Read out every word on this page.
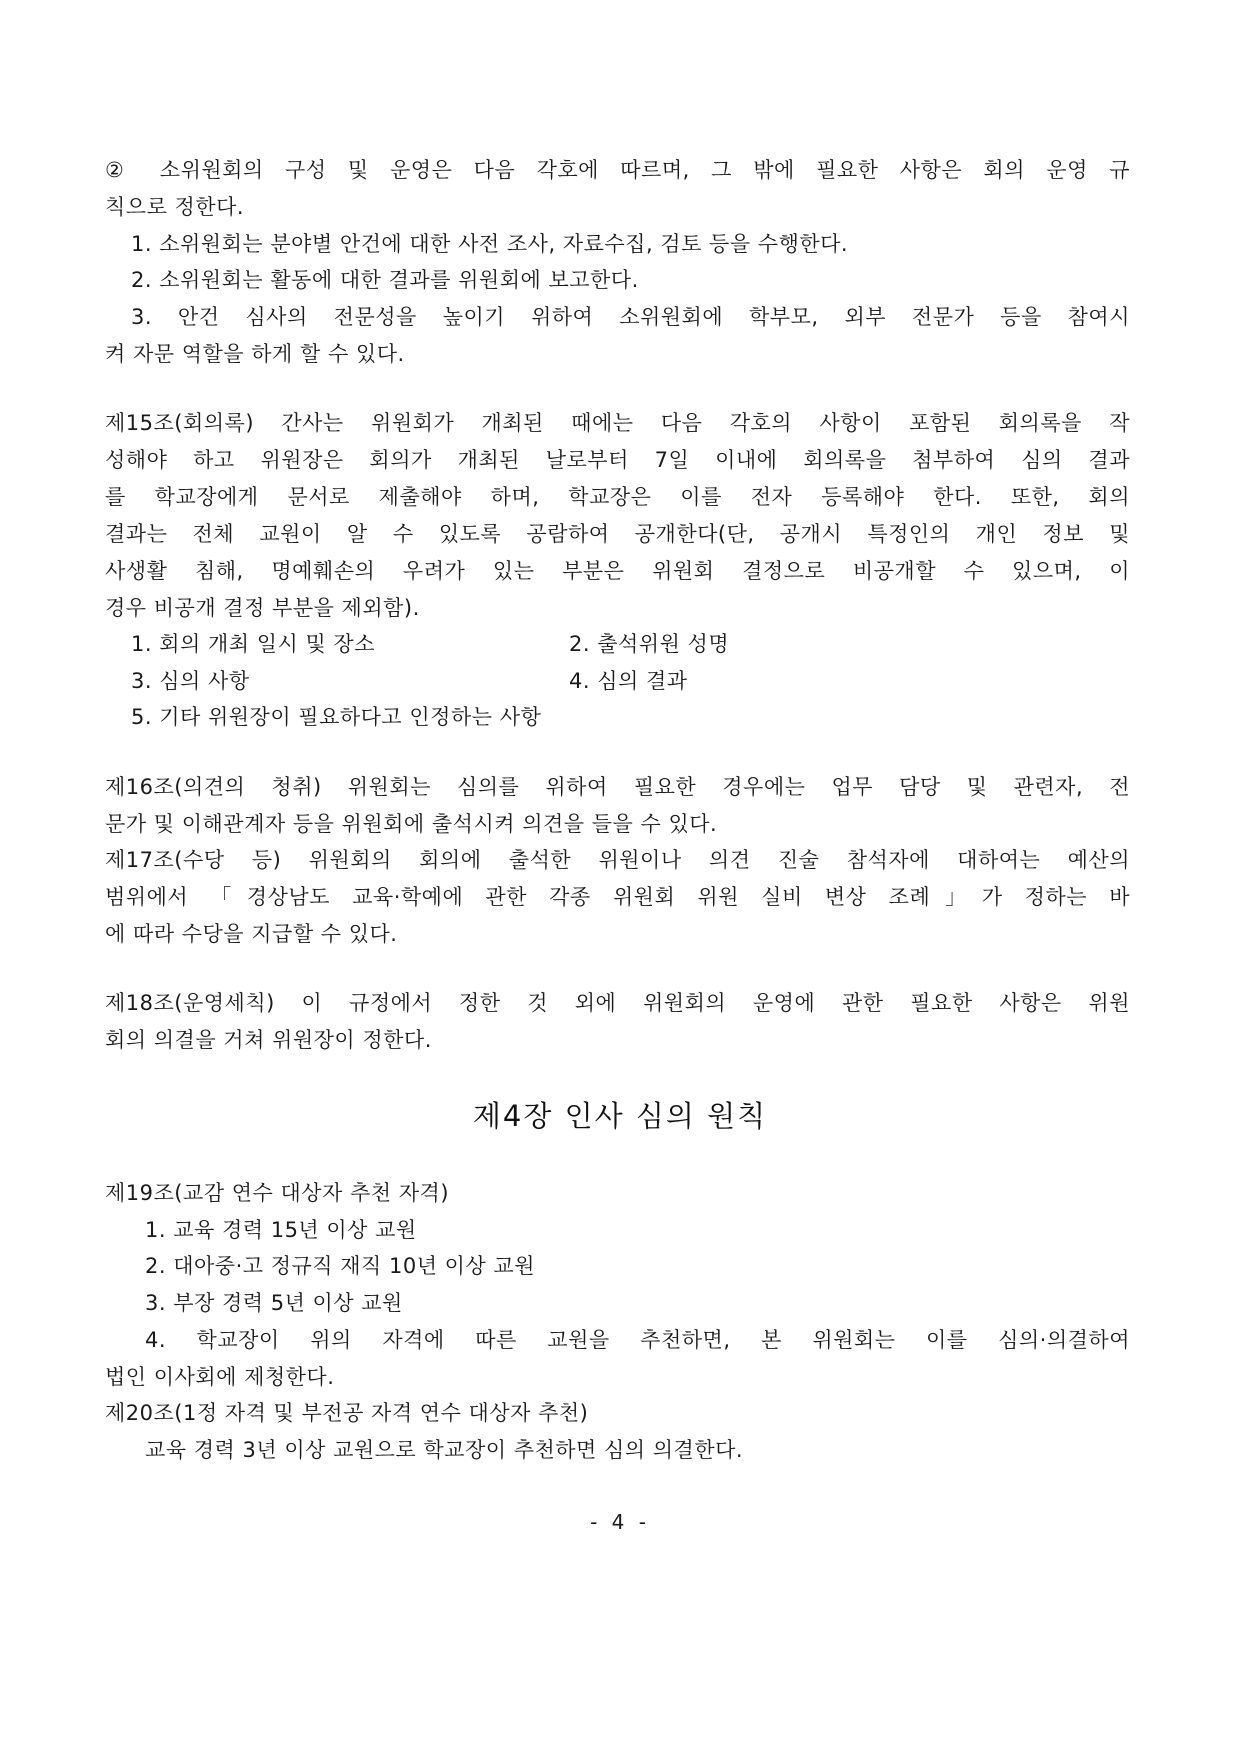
② 소위원회의 구성 및 운영은 다음 각호에 따르며, 그 밖에 필요한 사항은 회의 운영 규
칙으로 정한다.
1. 소위원회는 분야별 안건에 대한 사전 조사, 자료수집, 검토 등을 수행한다.
2. 소위원회는 활동에 대한 결과를 위원회에 보고한다.
3. 안건 심사의 전문성을 높이기 위하여 소위원회에 학부모, 외부 전문가 등을 참여시
켜 자문 역할을 하게 할 수 있다.
제15조(회의록) 간사는 위원회가 개최된 때에는 다음 각호의 사항이 포함된 회의록을 작
성해야 하고 위원장은 회의가 개최된 날로부터 7일 이내에 회의록을 첨부하여 심의 결과
를 학교장에게 문서로 제출해야 하며, 학교장은 이를 전자 등록해야 한다. 또한, 회의
결과는 전체 교원이 알 수 있도록 공람하여 공개한다(단, 공개시 특정인의 개인 정보 및
사생활 침해, 명예훼손의 우려가 있는 부분은 위원회 결정으로 비공개할 수 있으며, 이
경우 비공개 결정 부분을 제외함).
1. 회의 개최 일시 및 장소	2. 출석위원 성명
3. 심의 사항	4. 심의 결과
5. 기타 위원장이 필요하다고 인정하는 사항
제16조(의견의 청취) 위원회는 심의를 위하여 필요한 경우에는 업무 담당 및 관련자, 전
문가 및 이해관계자 등을 위원회에 출석시켜 의견을 들을 수 있다.
제17조(수당 등) 위원회의 회의에 출석한 위원이나 의견 진술 참석자에 대하여는 예산의
범위에서 「경상남도 교육·학예에 관한 각종 위원회 위원 실비 변상 조례」가 정하는 바
에 따라 수당을 지급할 수 있다.
제18조(운영세칙) 이 규정에서 정한 것 외에 위원회의 운영에 관한 필요한 사항은 위원
회의 의결을 거쳐 위원장이 정한다.
제4장 인사 심의 원칙
제19조(교감 연수 대상자 추천 자격)
1. 교육 경력 15년 이상 교원
2. 대아중·고 정규직 재직 10년 이상 교원
3. 부장 경력 5년 이상 교원
4. 학교장이 위의 자격에 따른 교원을 추천하면, 본 위원회는 이를 심의·의결하여
법인 이사회에 제청한다.
제20조(1정 자격 및 부전공 자격 연수 대상자 추천)
교육 경력 3년 이상 교원으로 학교장이 추천하면 심의 의결한다.
- 4 -
